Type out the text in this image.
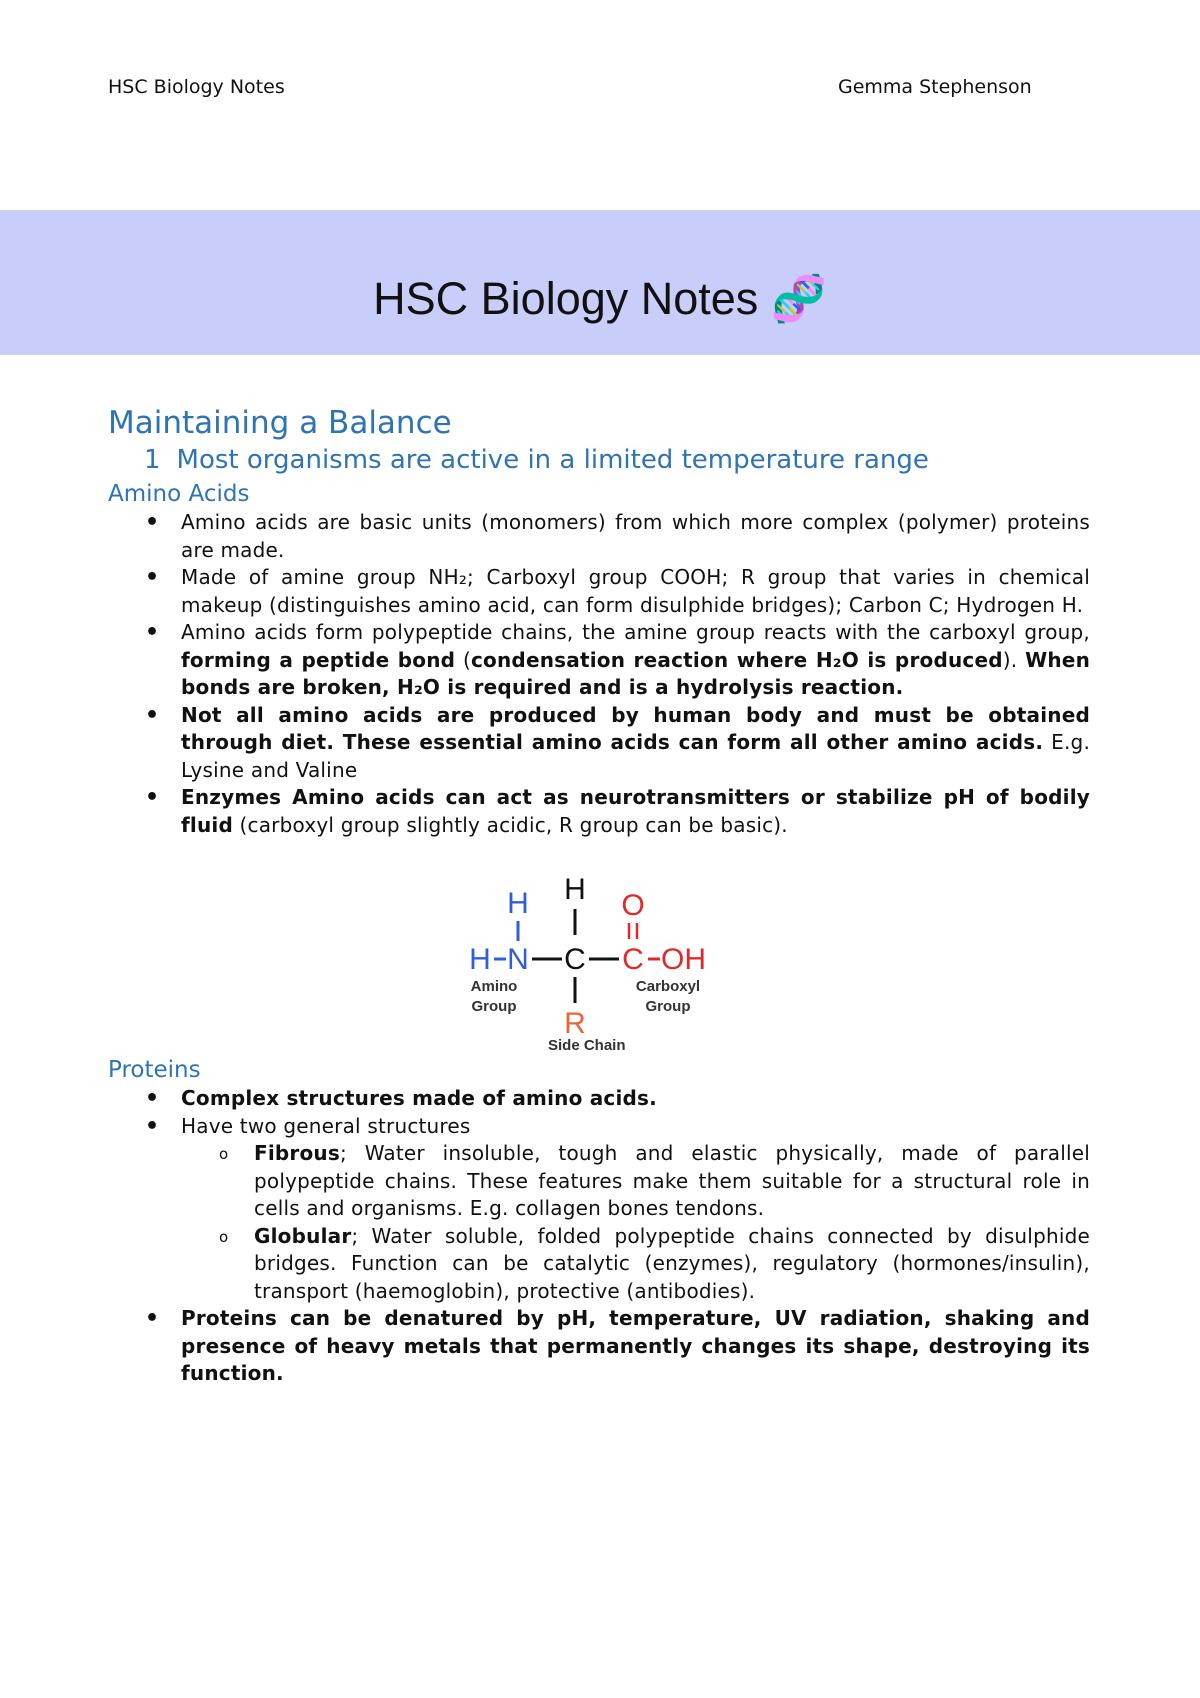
HSC Biology Notes	Gemma Stephenson
HSC Biology Notes 🧬
Maintaining a Balance
1 Most organisms are active in a limited temperature range
Amino Acids
• Amino acids are basic units (monomers) from which more complex (polymer) proteins are made.
• Made of amine group NH₂; Carboxyl group COOH; R group that varies in chemical makeup (distinguishes amino acid, can form disulphide bridges); Carbon C; Hydrogen H.
• Amino acids form polypeptide chains, the amine group reacts with the carboxyl group, forming a peptide bond (condensation reaction where H₂O is produced). When bonds are broken, H₂O is required and is a hydrolysis reaction.
• Not all amino acids are produced by human body and must be obtained through diet. These essential amino acids can form all other amino acids. E.g. Lysine and Valine
• Enzymes Amino acids can act as neurotransmitters or stabilize pH of bodily fluid (carboxyl group slightly acidic, R group can be basic).
H
H N C
H
C
O
OH
R
Amino
Group
Carboxyl
Group
Side Chain
Proteins
• Complex structures made of amino acids.
• Have two general structures
o Fibrous; Water insoluble, tough and elastic physically, made of parallel polypeptide chains. These features make them suitable for a structural role in cells and organisms. E.g. collagen bones tendons.
o Globular; Water soluble, folded polypeptide chains connected by disulphide bridges. Function can be catalytic (enzymes), regulatory (hormones/insulin), transport (haemoglobin), protective (antibodies).
• Proteins can be denatured by pH, temperature, UV radiation, shaking and presence of heavy metals that permanently changes its shape, destroying its function.
